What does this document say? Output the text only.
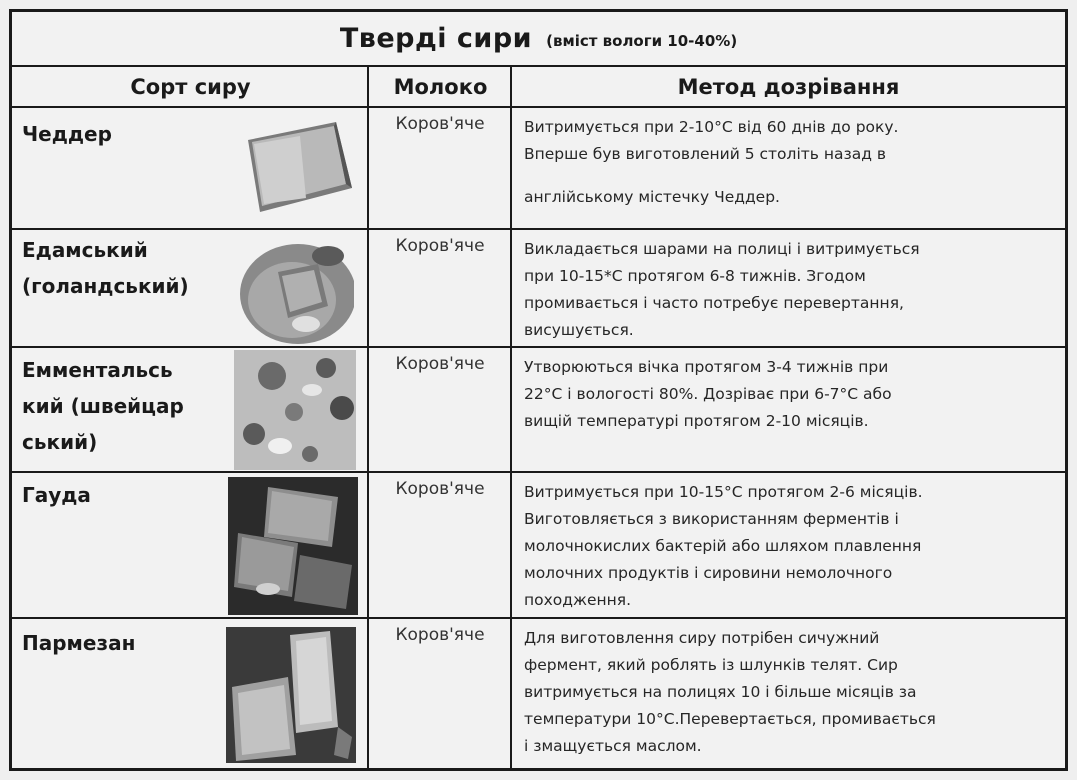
Тверді сири (вміст вологи 10-40%)
Сорт сиру	Молоко	Метод дозрівання
Чеддер	Коров'яче	Витримується при 2-10°С від 60 днів до року.

Вперше був виготовлений 5 століть назад в

англійському містечку Чеддер.

Едамський
(голандський)
Коров'яче	Викладається шарами на полиці і витримується

при 10-15*С протягом 6-8 тижнів. Згодом

промивається і часто потребує перевертання,

висушується.

Емментальсь
кий (швейцар
ський)
Коров'яче	Утворюються вічка протягом 3-4 тижнів при

22°С і вологості 80%. Дозріває при 6-7°С або

вищій температурі протягом 2-10 місяців.

Гауда	Коров'яче	Витримується при 10-15°С протягом 2-6 місяців.

Виготовляється з використанням ферментів і

молочнокислих бактерій або шляхом плавлення

молочних продуктів і сировини немолочного

походження.

Пармезан	Коров'яче	Для виготовлення сиру потрібен сичужний

фермент, який роблять із шлунків телят. Сир

витримується на полицях 10 і більше місяців за

температури 10°С.Перевертається, промивається

і змащується маслом.
